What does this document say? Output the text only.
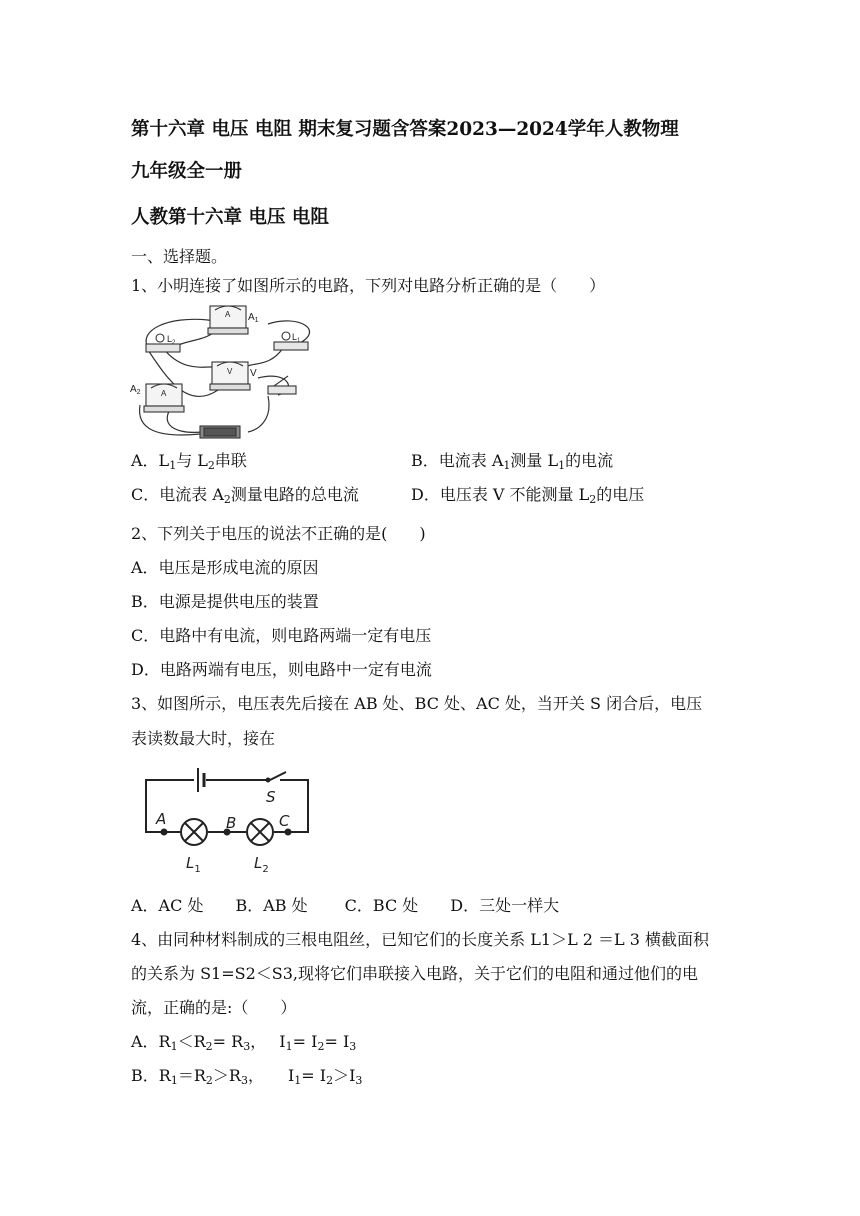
第十六章 电压 电阻 期末复习题含答案2023—2024学年人教物理
九年级全一册
人教第十六章 电压 电阻
一、选择题。
1、小明连接了如图所示的电路，下列对电路分析正确的是（　　）
A $A_1$
$L_2$
$L_1$
V V
A
$A_2$
A．$L_1$与 $L_2$串联	B．电流表 $A_1$测量 $L_1$的电流
C．电流表 $A_2$测量电路的总电流	D．电压表 V 不能测量 $L_2$的电压
2、下列关于电压的说法不正确的是(　　)
A．电压是形成电流的原因
B．电源是提供电压的装置
C．电路中有电流，则电路两端一定有电压
D．电路两端有电压，则电路中一定有电流
3、如图所示，电压表先后接在 AB 处、BC 处、AC 处，当开关 S 闭合后，电压
表读数最大时，接在
A	B	C
S
$L_1$	$L_2$
A．AC 处　　B．AB 处　　 C．BC 处　　D．三处一样大
4、由同种材料制成的三根电阻丝，已知它们的长度关系 L1＞L 2 ＝L 3 横截面积
的关系为 S1=S2＜S3,现将它们串联接入电路，关于它们的电阻和通过他们的电
流，正确的是:（　　）
A．$R_1<R_2= R_3$，　 $I_1= I_2= I_3$
B．$R_1=R_2>R_3$，　　$I_1= I_2>I_3$
